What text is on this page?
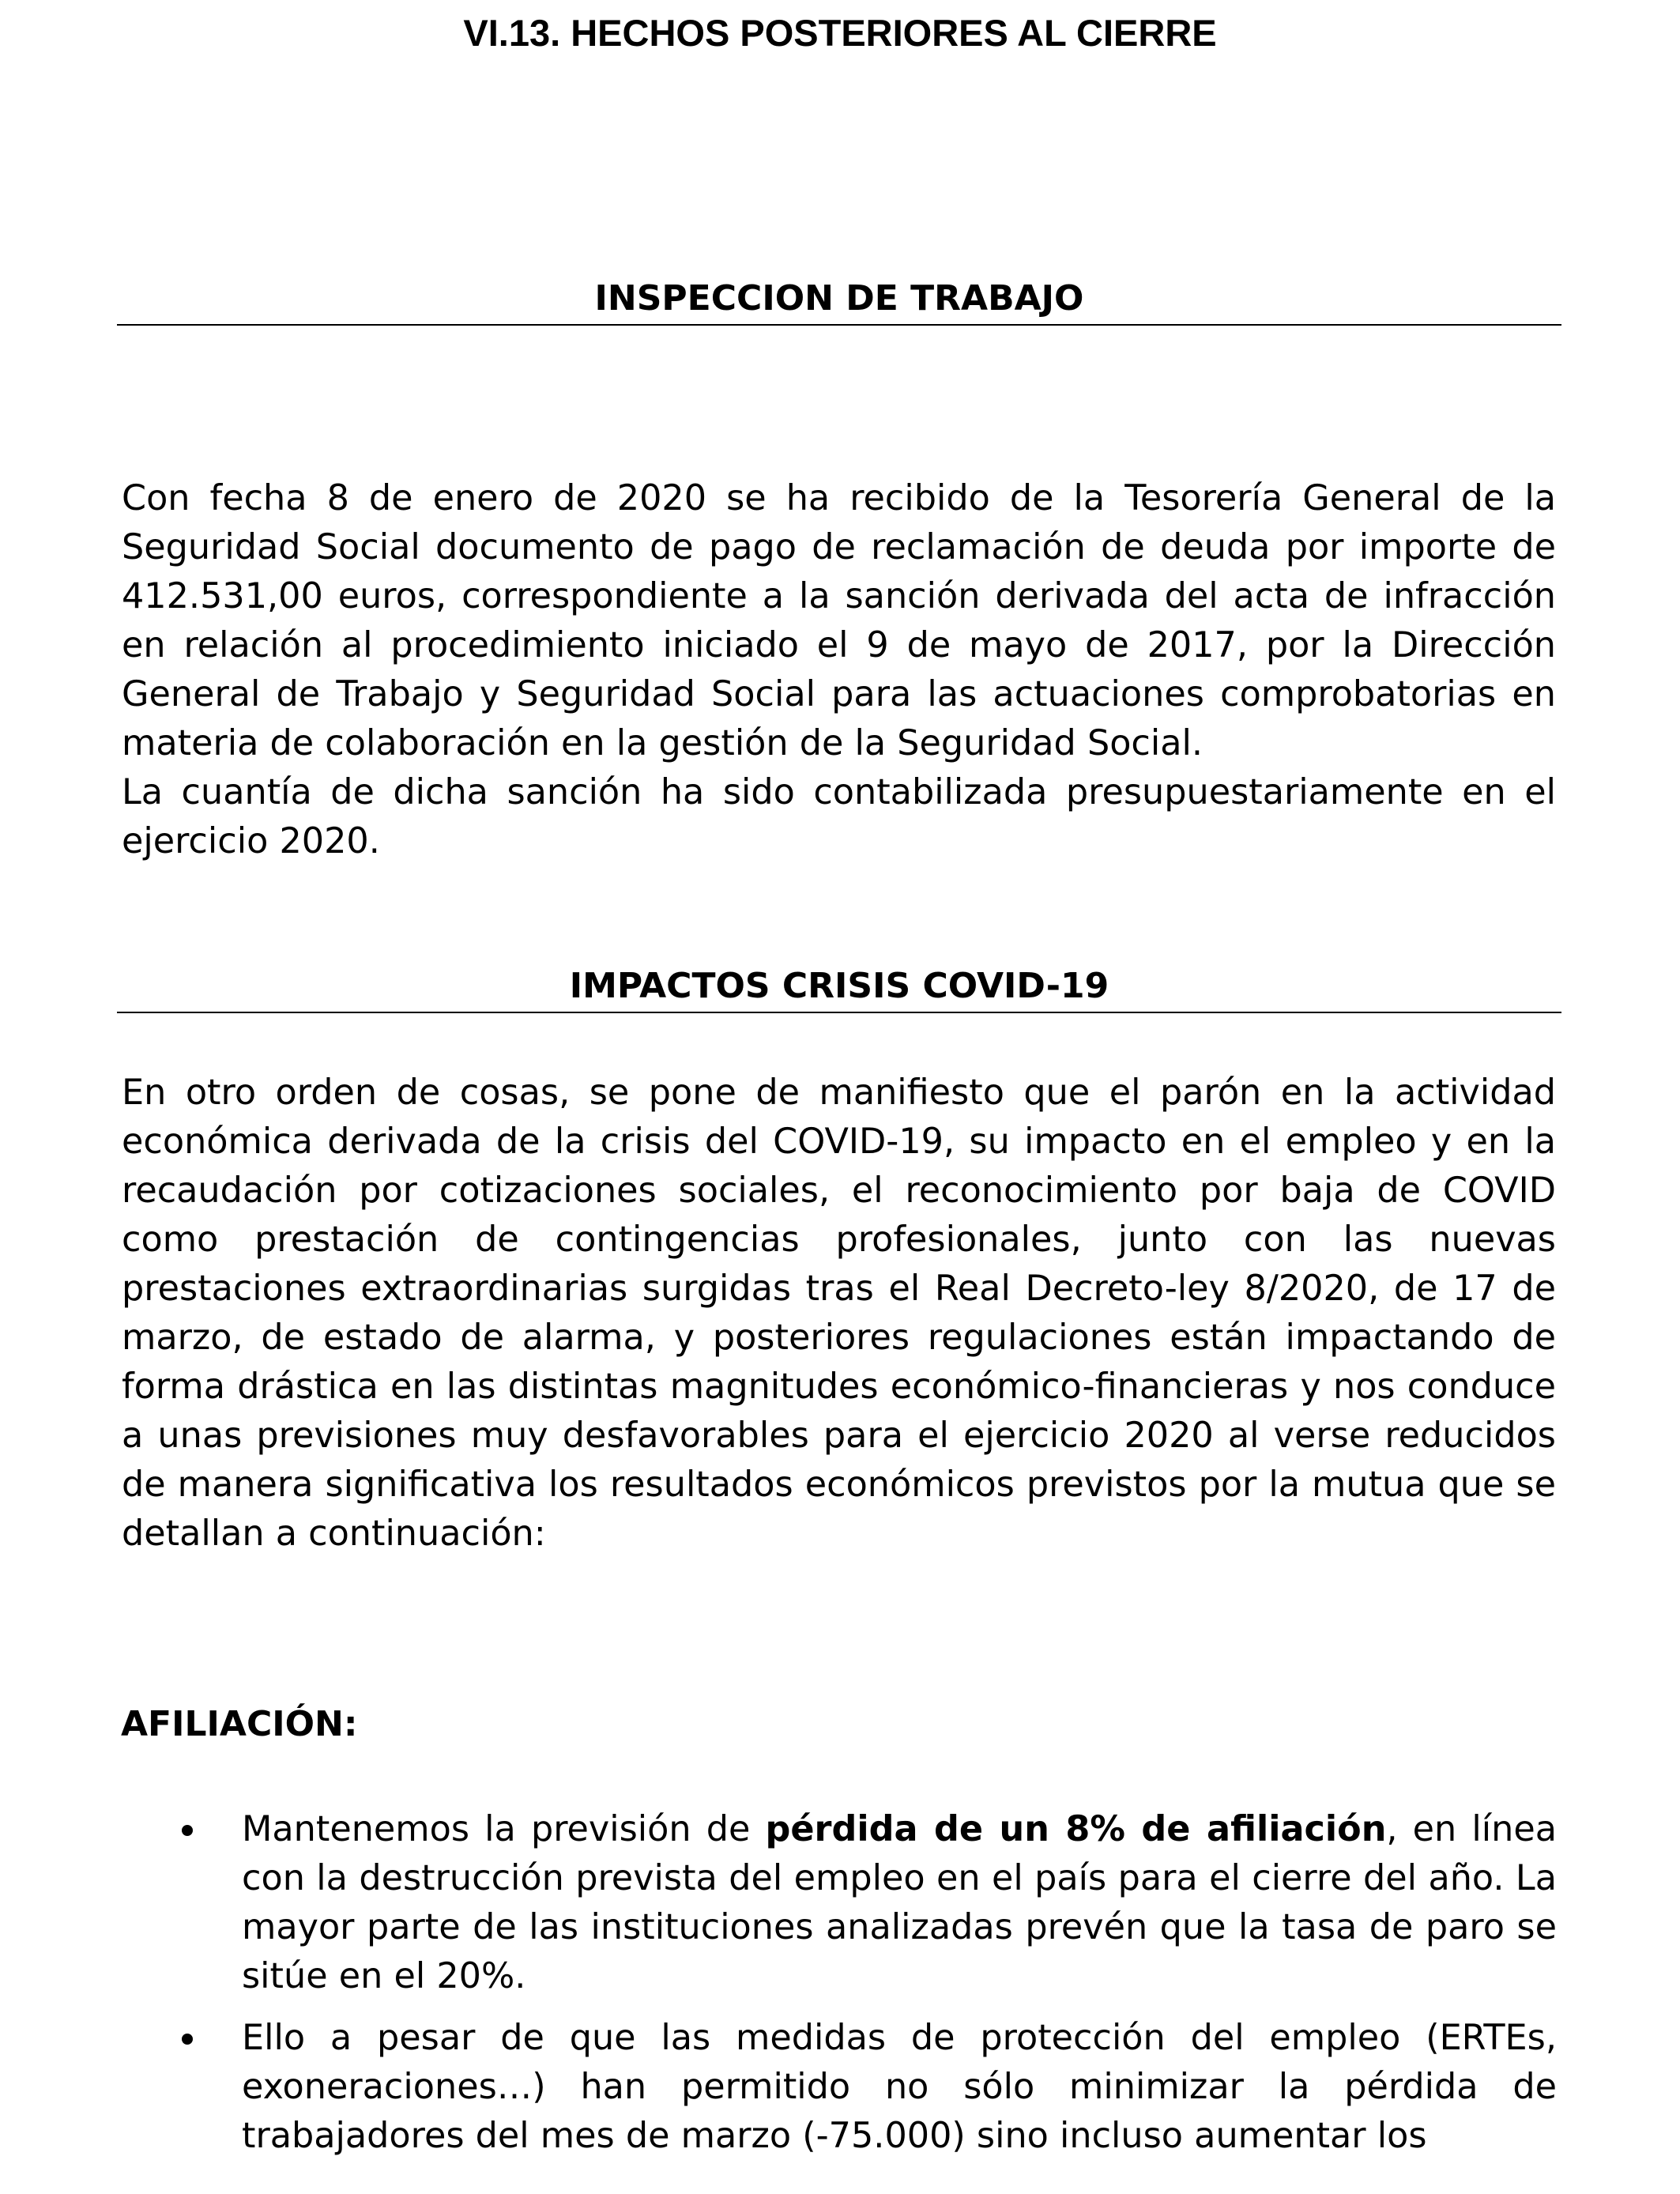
VI.13. HECHOS POSTERIORES AL CIERRE
INSPECCION DE TRABAJO
Con fecha 8 de enero de 2020 se ha recibido de la Tesorería General de la Seguridad Social documento de pago de reclamación de deuda por importe de 412.531,00 euros, correspondiente a la sanción derivada del acta de infracción en relación al procedimiento iniciado el 9 de mayo de 2017, por la Dirección General de Trabajo y Seguridad Social para las actuaciones comprobatorias en materia de colaboración en la gestión de la Seguridad Social.
La cuantía de dicha sanción ha sido contabilizada presupuestariamente en el ejercicio 2020.
IMPACTOS CRISIS COVID-19
En otro orden de cosas, se pone de manifiesto que el parón en la actividad económica derivada de la crisis del COVID-19, su impacto en el empleo y en la recaudación por cotizaciones sociales, el reconocimiento por baja de COVID como prestación de contingencias profesionales, junto con las nuevas prestaciones extraordinarias surgidas tras el Real Decreto-ley 8/2020, de 17 de marzo, de estado de alarma, y posteriores regulaciones están impactando de forma drástica en las distintas magnitudes económico-financieras y nos conduce a unas previsiones muy desfavorables para el ejercicio 2020 al verse reducidos de manera significativa los resultados económicos previstos por la mutua que se detallan a continuación:
AFILIACIÓN:
Mantenemos la previsión de pérdida de un 8% de afiliación, en línea con la destrucción prevista del empleo en el país para el cierre del año. La mayor parte de las instituciones analizadas prevén que la tasa de paro se sitúe en el 20%.
Ello a pesar de que las medidas de protección del empleo (ERTEs, exoneraciones…) han permitido no sólo minimizar la pérdida de trabajadores del mes de marzo (-75.000) sino incluso aumentar los
